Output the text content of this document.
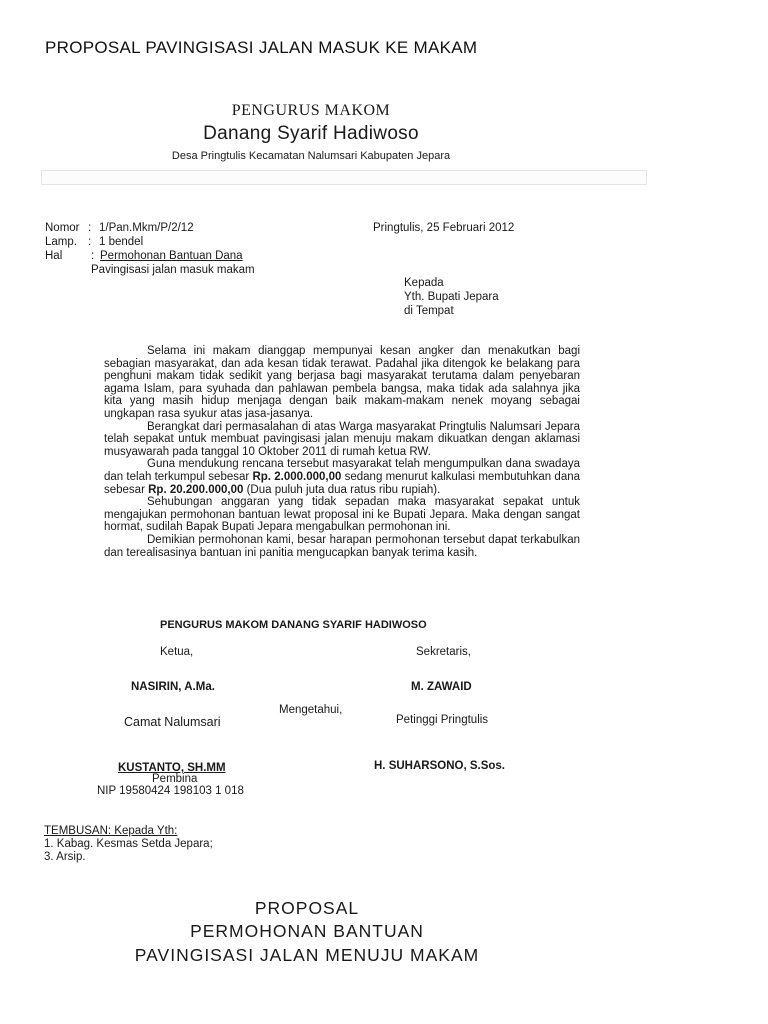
PROPOSAL PAVINGISASI JALAN MASUK KE MAKAM
PENGURUS MAKOM
Danang Syarif Hadiwoso
Desa Pringtulis Kecamatan Nalumsari Kabupaten Jepara
Nomor : 1/Pan.Mkm/P/2/12
Lamp. : 1 bendel
Hal : Permohonan Bantuan Dana
Pavingisasi jalan masuk makam
Pringtulis, 25 Februari 2012
Kepada
Yth. Bupati Jepara
di Tempat

Selama ini makam dianggap mempunyai kesan angker dan menakutkan bagi sebagian masyarakat, dan ada kesan tidak terawat. Padahal jika ditengok ke belakang para penghuni makam tidak sedikit yang berjasa bagi masyarakat terutama dalam penyebaran agama Islam, para syuhada dan pahlawan pembela bangsa, maka tidak ada salahnya jika kita yang masih hidup menjaga dengan baik makam-makam nenek moyang sebagai ungkapan rasa syukur atas jasa-jasanya.

Berangkat dari permasalahan di atas Warga masyarakat Pringtulis Nalumsari Jepara telah sepakat untuk membuat pavingisasi jalan menuju makam dikuatkan dengan aklamasi musyawarah pada tanggal 10 Oktober 2011 di rumah ketua RW.

Guna mendukung rencana tersebut masyarakat telah mengumpulkan dana swadaya dan telah terkumpul sebesar Rp. 2.000.000,00 sedang menurut kalkulasi membutuhkan dana sebesar Rp. 20.200.000,00 (Dua puluh juta dua ratus ribu rupiah).

Sehubungan anggaran yang tidak sepadan maka masyarakat sepakat untuk mengajukan permohonan bantuan lewat proposal ini ke Bupati Jepara. Maka dengan sangat hormat, sudilah Bapak Bupati Jepara mengabulkan permohonan ini.

Demikian permohonan kami, besar harapan permohonan tersebut dapat terkabulkan dan terealisasinya bantuan ini panitia mengucapkan banyak terima kasih.

PENGURUS MAKOM DANANG SYARIF HADIWOSO
Ketua,	Sekretaris,
NASIRIN, A.Ma.	M. ZAWAID
Mengetahui,
Camat Nalumsari	Petinggi Pringtulis
KUSTANTO, SH.MM
Pembina
NIP 19580424 198103 1 018
H. SUHARSONO, S.Sos.
TEMBUSAN: Kepada Yth:
1. Kabag. Kesmas Setda Jepara;
3. Arsip.
PROPOSAL
PERMOHONAN BANTUAN
PAVINGISASI JALAN MENUJU MAKAM
